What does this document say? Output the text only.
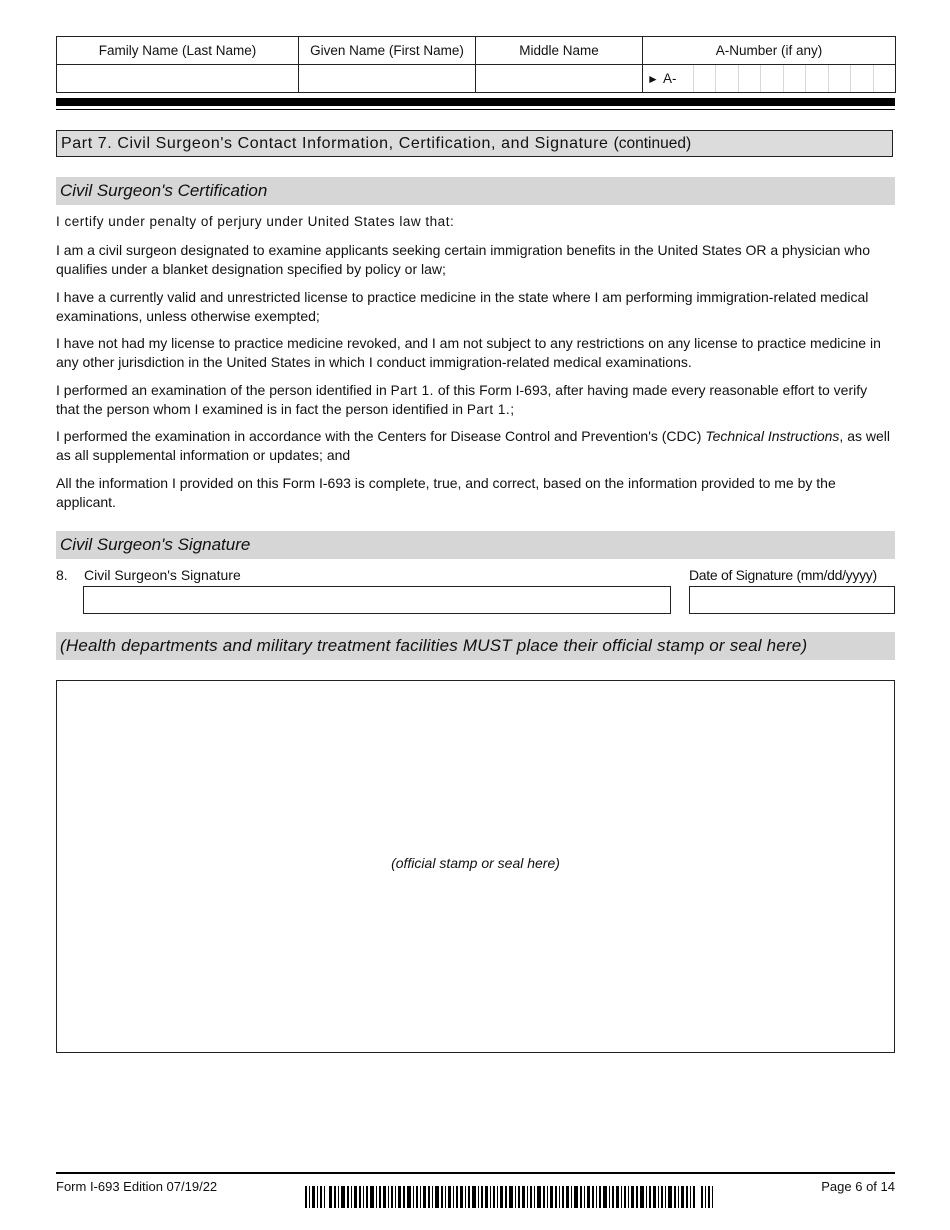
Family Name (Last Name)	Given Name (First Name)	Middle Name	A-Number (if any)

			► A-
Part 7. Civil Surgeon's Contact Information, Certification, and Signature (continued)
Civil Surgeon's Certification
I certify under penalty of perjury under United States law that:
I am a civil surgeon designated to examine applicants seeking certain immigration benefits in the United States OR a physician who qualifies under a blanket designation specified by policy or law;
I have a currently valid and unrestricted license to practice medicine in the state where I am performing immigration-related medical examinations, unless otherwise exempted;
I have not had my license to practice medicine revoked, and I am not subject to any restrictions on any license to practice medicine in any other jurisdiction in the United States in which I conduct immigration-related medical examinations.
I performed an examination of the person identified in Part 1. of this Form I-693, after having made every reasonable effort to verify that the person whom I examined is in fact the person identified in Part 1.;
I performed the examination in accordance with the Centers for Disease Control and Prevention's (CDC) Technical Instructions, as well as all supplemental information or updates; and
All the information I provided on this Form I-693 is complete, true, and correct, based on the information provided to me by the applicant.
Civil Surgeon's Signature
8. Civil Surgeon's Signature	Date of Signature (mm/dd/yyyy)
(Health departments and military treatment facilities MUST place their official stamp or seal here)
(official stamp or seal here)
Form I-693 Edition 07/19/22	Page 6 of 14
